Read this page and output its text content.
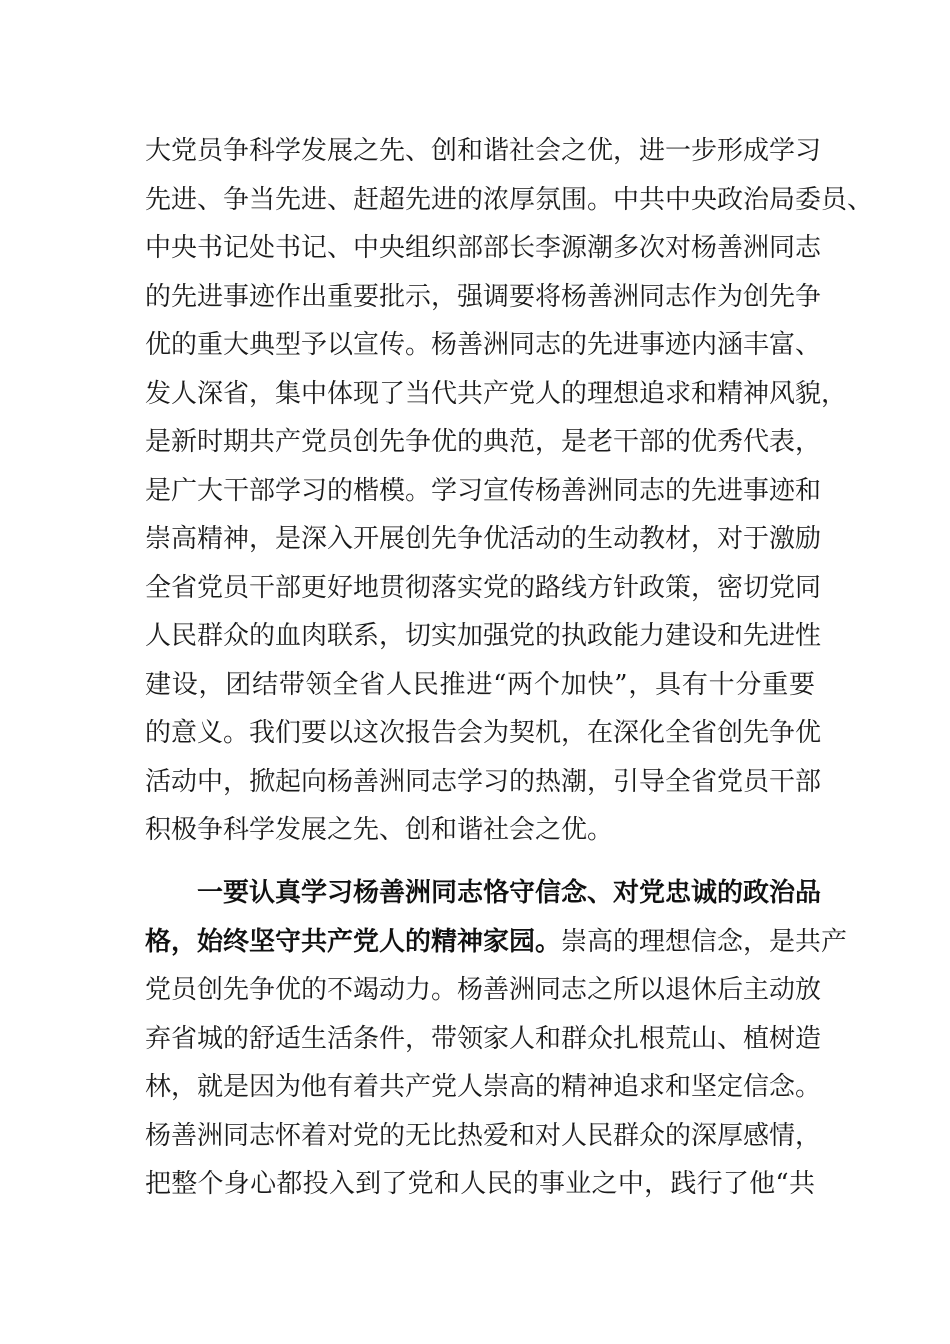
大党员争科学发展之先、创和谐社会之优，进一步形成学习
先进、争当先进、赶超先进的浓厚氛围。中共中央政治局委员、
中央书记处书记、中央组织部部长李源潮多次对杨善洲同志
的先进事迹作出重要批示，强调要将杨善洲同志作为创先争
优的重大典型予以宣传。杨善洲同志的先进事迹内涵丰富、
发人深省，集中体现了当代共产党人的理想追求和精神风貌，
是新时期共产党员创先争优的典范，是老干部的优秀代表，
是广大干部学习的楷模。学习宣传杨善洲同志的先进事迹和
崇高精神，是深入开展创先争优活动的生动教材，对于激励
全省党员干部更好地贯彻落实党的路线方针政策，密切党同
人民群众的血肉联系，切实加强党的执政能力建设和先进性
建设，团结带领全省人民推进“两个加快”，具有十分重要
的意义。我们要以这次报告会为契机，在深化全省创先争优
活动中，掀起向杨善洲同志学习的热潮，引导全省党员干部
积极争科学发展之先、创和谐社会之优。
一要认真学习杨善洲同志恪守信念、对党忠诚的政治品
格，始终坚守共产党人的精神家园。崇高的理想信念，是共产
党员创先争优的不竭动力。杨善洲同志之所以退休后主动放
弃省城的舒适生活条件，带领家人和群众扎根荒山、植树造
林，就是因为他有着共产党人崇高的精神追求和坚定信念。
杨善洲同志怀着对党的无比热爱和对人民群众的深厚感情，
把整个身心都投入到了党和人民的事业之中，践行了他“共
